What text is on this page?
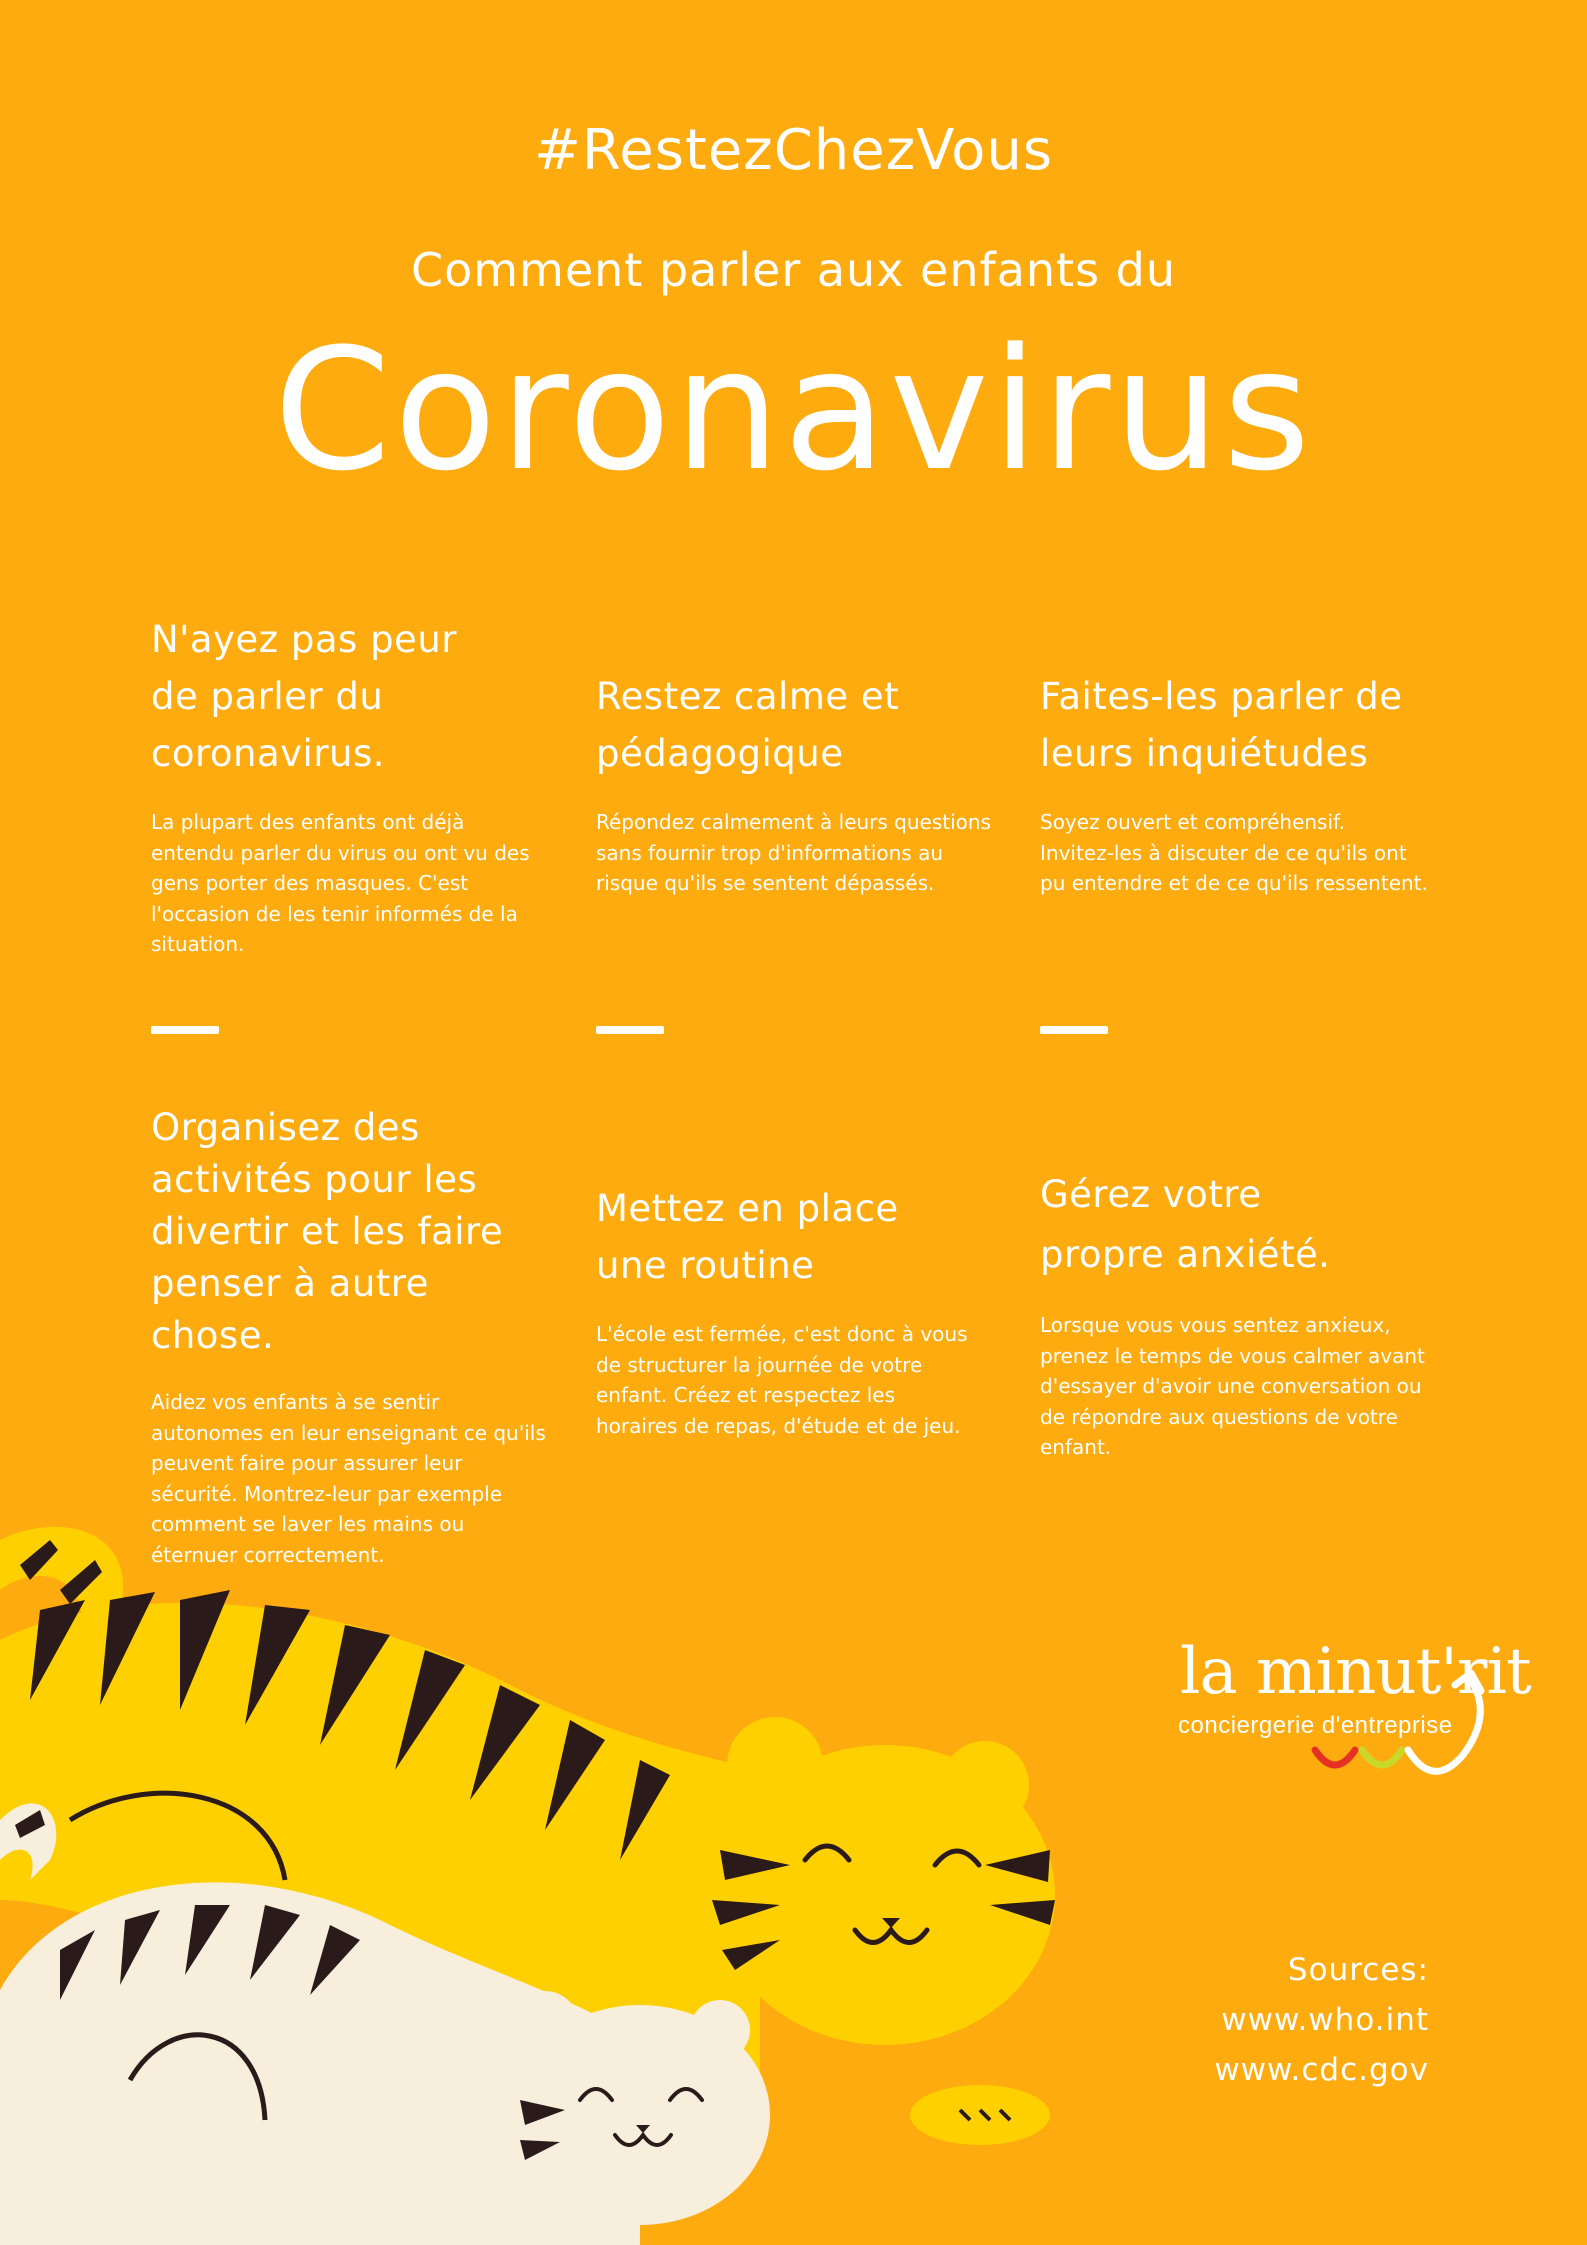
#RestezChezVous
Comment parler aux enfants du
Coronavirus
N'ayez pas peur
de parler du
coronavirus.

La plupart des enfants ont déjà
entendu parler du virus ou ont vu des
gens porter des masques. C'est
l'occasion de les tenir informés de la
situation.

Restez calme et
pédagogique

Répondez calmement à leurs questions
sans fournir trop d'informations au
risque qu'ils se sentent dépassés.

Faites-les parler de
leurs inquiétudes

Soyez ouvert et compréhensif.
Invitez-les à discuter de ce qu'ils ont
pu entendre et de ce qu'ils ressentent.

Organisez des
activités pour les
divertir et les faire
penser à autre chose.

Aidez vos enfants à se sentir
autonomes en leur enseignant ce qu'ils
peuvent faire pour assurer leur
sécurité. Montrez-leur par exemple
comment se laver les mains ou
éternuer correctement.

Mettez en place
une routine

L'école est fermée, c'est donc à vous
de structurer la journée de votre
enfant. Créez et respectez les
horaires de repas, d'étude et de jeu.

Gérez votre
propre anxiété.

Lorsque vous vous sentez anxieux,
prenez le temps de vous calmer avant
d'essayer d'avoir une conversation ou
de répondre aux questions de votre
enfant.

la minut'rit
conciergerie d'entreprise
Sources:
www.who.int
www.cdc.gov
